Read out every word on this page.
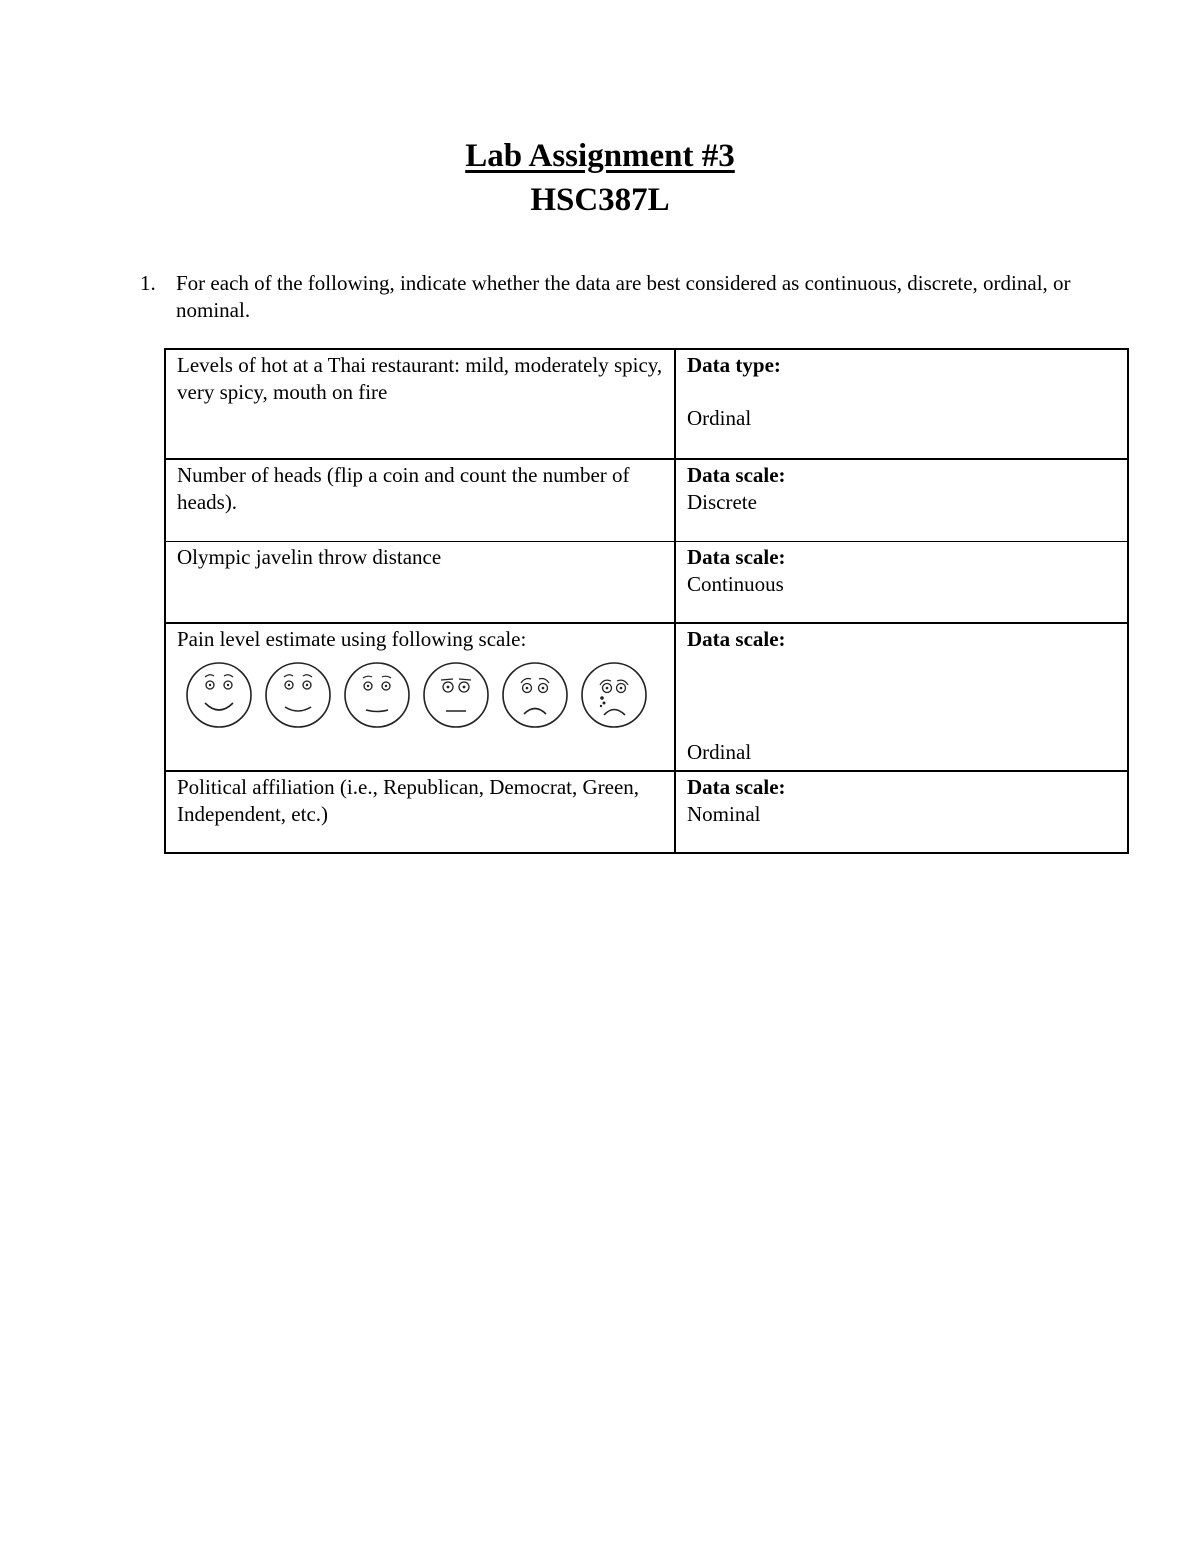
Lab Assignment #3
HSC387L
1. For each of the following, indicate whether the data are best considered as continuous, discrete, ordinal, or nominal.
Levels of hot at a Thai restaurant: mild, moderately spicy, very spicy, mouth on fire	Data type:
Ordinal
Number of heads (flip a coin and count the number of heads).	Data scale:
Discrete
Olympic javelin throw distance	Data scale:
Continuous
Pain level estimate using following scale:	Data scale:
Ordinal
Political affiliation (i.e., Republican, Democrat, Green, Independent, etc.)	Data scale:
Nominal
